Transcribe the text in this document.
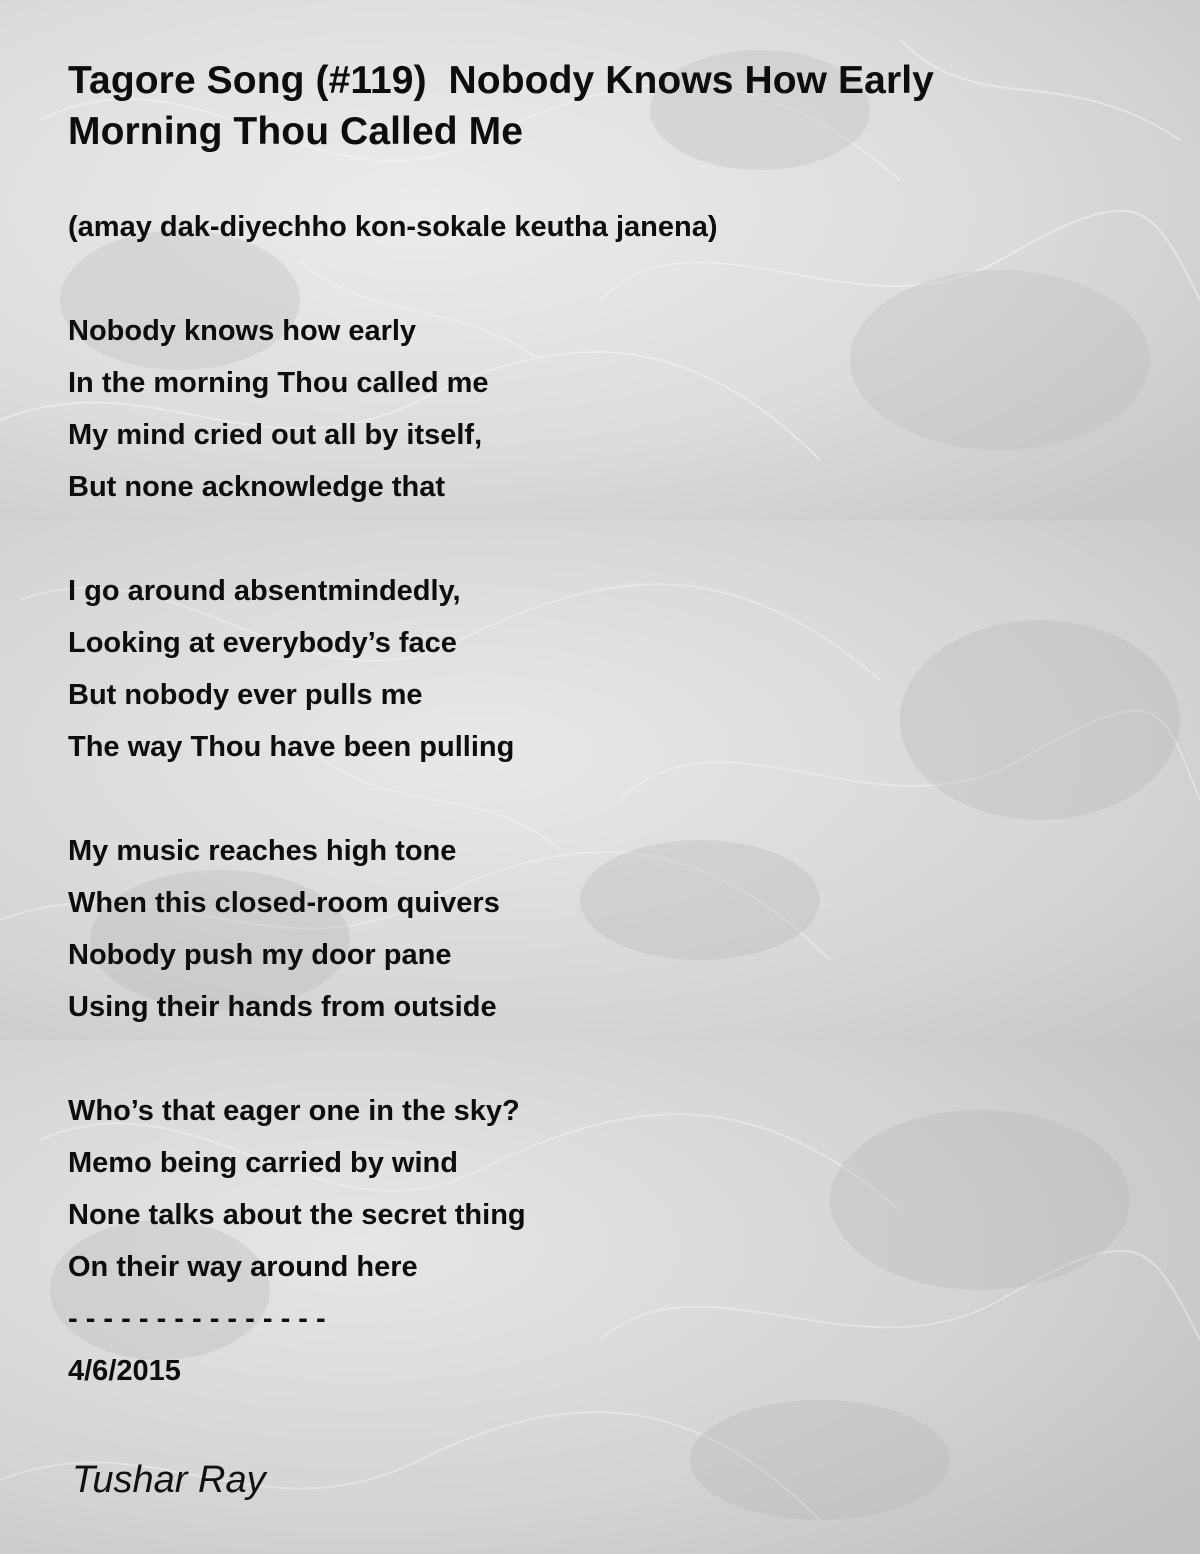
Tagore Song (#119)  Nobody Knows How Early
Morning Thou Called Me
(amay dak-diyechho kon-sokale keutha janena)
Nobody knows how early
In the morning Thou called me
My mind cried out all by itself,
But none acknowledge that
I go around absentmindedly,
Looking at everybody’s face
But nobody ever pulls me
The way Thou have been pulling
My music reaches high tone
When this closed-room quivers
Nobody push my door pane
Using their hands from outside
Who’s that eager one in the sky?
Memo being carried by wind
None talks about the secret thing
On their way around here
- - - - - - - - - - - - - - -
4/6/2015
Tushar Ray
